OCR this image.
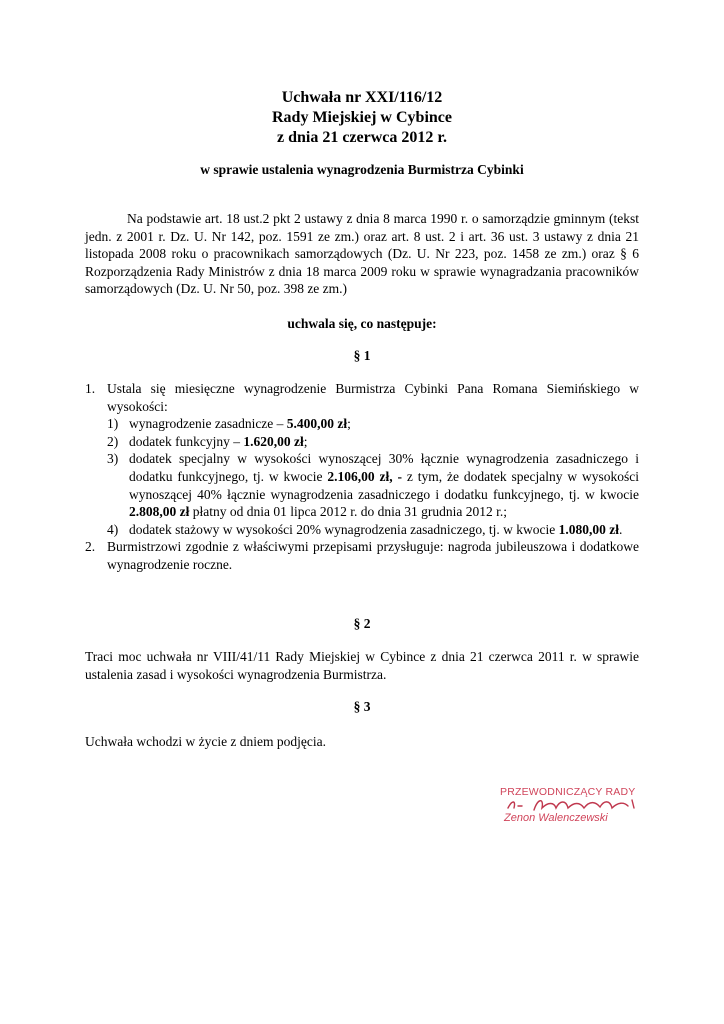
Uchwała nr XXI/116/12
Rady Miejskiej w Cybince
z dnia 21 czerwca 2012 r.
w sprawie ustalenia wynagrodzenia Burmistrza Cybinki
Na podstawie art. 18 ust.2 pkt 2 ustawy z dnia 8 marca 1990 r. o samorządzie gminnym (tekst jedn. z 2001 r. Dz. U. Nr 142, poz. 1591 ze zm.) oraz art. 8 ust. 2 i art. 36 ust. 3 ustawy z dnia 21 listopada 2008 roku o pracownikach samorządowych (Dz. U. Nr 223, poz. 1458 ze zm.) oraz § 6 Rozporządzenia Rady Ministrów z dnia 18 marca 2009 roku w sprawie wynagradzania pracowników samorządowych (Dz. U. Nr 50, poz. 398 ze zm.)
uchwala się, co następuje:
§ 1
1. Ustala się miesięczne wynagrodzenie Burmistrza Cybinki Pana Romana Siemińskiego w wysokości:
1) wynagrodzenie zasadnicze – 5.400,00 zł;
2) dodatek funkcyjny – 1.620,00 zł;
3) dodatek specjalny w wysokości wynoszącej 30% łącznie wynagrodzenia zasadniczego i dodatku funkcyjnego, tj. w kwocie 2.106,00 zł, - z tym, że dodatek specjalny w wysokości wynoszącej 40% łącznie wynagrodzenia zasadniczego i dodatku funkcyjnego, tj. w kwocie 2.808,00 zł płatny od dnia 01 lipca 2012 r. do dnia 31 grudnia 2012 r.;
4) dodatek stażowy w wysokości 20% wynagrodzenia zasadniczego, tj. w kwocie 1.080,00 zł.
2. Burmistrzowi zgodnie z właściwymi przepisami przysługuje: nagroda jubileuszowa i dodatkowe wynagrodzenie roczne.
§ 2
Traci moc uchwała nr VIII/41/11 Rady Miejskiej w Cybince z dnia 21 czerwca 2011 r. w sprawie ustalenia zasad i wysokości wynagrodzenia Burmistrza.
§ 3
Uchwała wchodzi w życie z dniem podjęcia.
PRZEWODNICZĄCY RADY
Zenon Walenczewski
